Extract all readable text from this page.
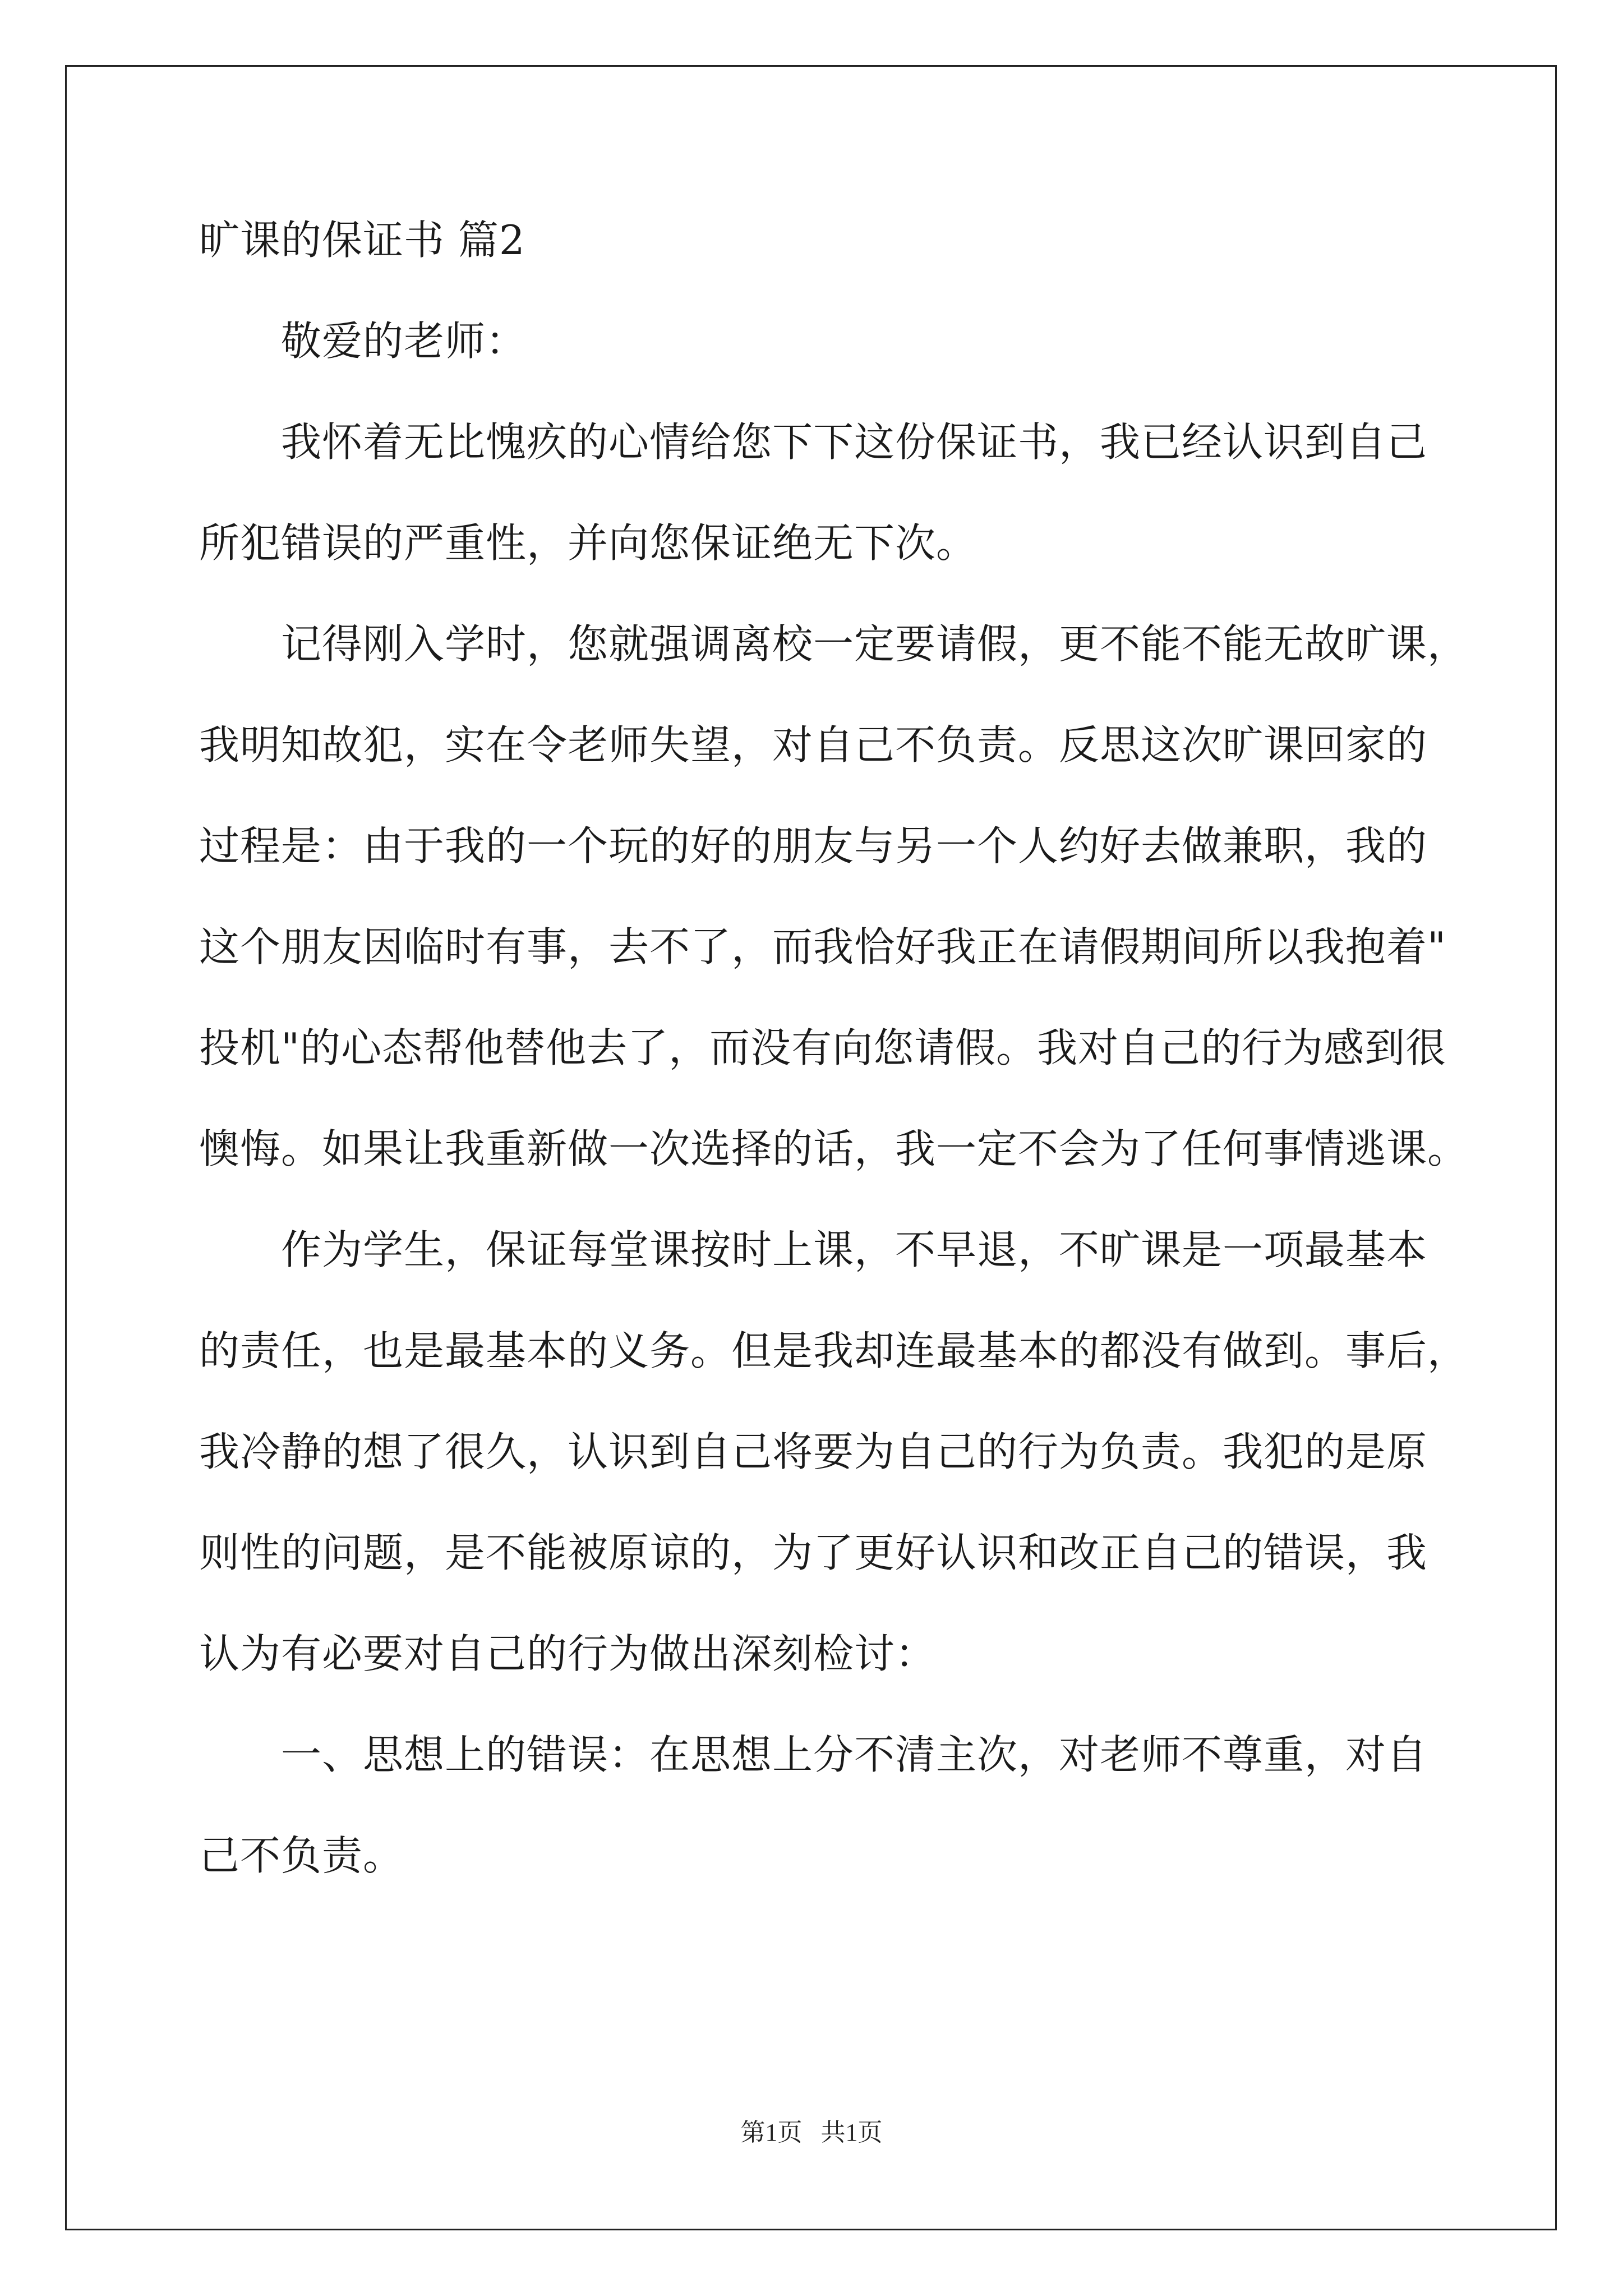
旷课的保证书 篇2
敬爱的老师：
我怀着无比愧疚的心情给您下下这份保证书，我已经认识到自己
所犯错误的严重性，并向您保证绝无下次。
记得刚入学时，您就强调离校一定要请假，更不能不能无故旷课，
我明知故犯，实在令老师失望，对自己不负责。反思这次旷课回家的
过程是：由于我的一个玩的好的朋友与另一个人约好去做兼职，我的
这个朋友因临时有事，去不了，而我恰好我正在请假期间所以我抱着"
投机"的心态帮他替他去了，而没有向您请假。我对自己的行为感到很
懊悔。如果让我重新做一次选择的话，我一定不会为了任何事情逃课。
作为学生，保证每堂课按时上课，不早退，不旷课是一项最基本
的责任，也是最基本的义务。但是我却连最基本的都没有做到。事后，
我冷静的想了很久，认识到自己将要为自己的行为负责。我犯的是原
则性的问题，是不能被原谅的，为了更好认识和改正自己的错误，我
认为有必要对自己的行为做出深刻检讨：
一、思想上的错误：在思想上分不清主次，对老师不尊重，对自
己不负责。
第1页   共1页
